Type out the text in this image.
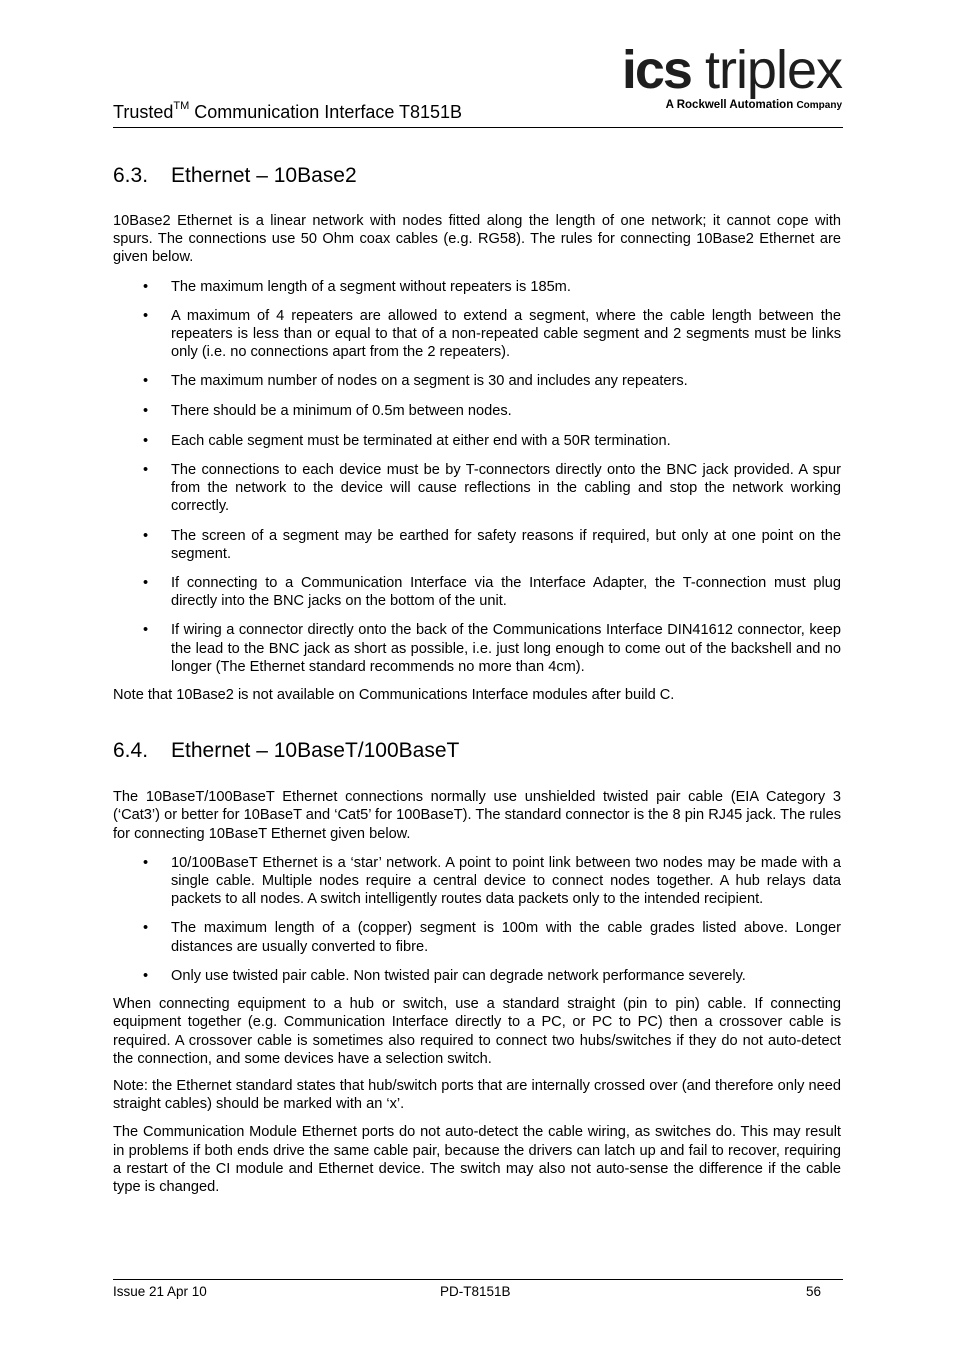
Trusted™ Communication Interface T8151B
ics triplex
A Rockwell Automation Company
6.3.	Ethernet – 10Base2

10Base2 Ethernet is a linear network with nodes fitted along the length of one network; it cannot cope with spurs. The connections use 50 Ohm coax cables (e.g. RG58). The rules for connecting 10Base2 Ethernet are given below.

• The maximum length of a segment without repeaters is 185m.
• A maximum of 4 repeaters are allowed to extend a segment, where the cable length between the repeaters is less than or equal to that of a non-repeated cable segment and 2 segments must be links only (i.e. no connections apart from the 2 repeaters).
• The maximum number of nodes on a segment is 30 and includes any repeaters.
• There should be a minimum of 0.5m between nodes.
• Each cable segment must be terminated at either end with a 50R termination.
• The connections to each device must be by T-connectors directly onto the BNC jack provided. A spur from the network to the device will cause reflections in the cabling and stop the network working correctly.
• The screen of a segment may be earthed for safety reasons if required, but only at one point on the segment.
• If connecting to a Communication Interface via the Interface Adapter, the T-connection must plug directly into the BNC jacks on the bottom of the unit.
• If wiring a connector directly onto the back of the Communications Interface DIN41612 connector, keep the lead to the BNC jack as short as possible, i.e. just long enough to come out of the backshell and no longer (The Ethernet standard recommends no more than 4cm).

Note that 10Base2 is not available on Communications Interface modules after build C.

6.4.	Ethernet – 10BaseT/100BaseT

The 10BaseT/100BaseT Ethernet connections normally use unshielded twisted pair cable (EIA Category 3 (‘Cat3’) or better for 10BaseT and ‘Cat5’ for 100BaseT). The standard connector is the 8 pin RJ45 jack. The rules for connecting 10BaseT Ethernet given below.

• 10/100BaseT Ethernet is a ‘star’ network. A point to point link between two nodes may be made with a single cable. Multiple nodes require a central device to connect nodes together. A hub relays data packets to all nodes. A switch intelligently routes data packets only to the intended recipient.
• The maximum length of a (copper) segment is 100m with the cable grades listed above. Longer distances are usually converted to fibre.
• Only use twisted pair cable. Non twisted pair can degrade network performance severely.

When connecting equipment to a hub or switch, use a standard straight (pin to pin) cable. If connecting equipment together (e.g. Communication Interface directly to a PC, or PC to PC) then a crossover cable is required. A crossover cable is sometimes also required to connect two hubs/switches if they do not auto-detect the connection, and some devices have a selection switch.

Note: the Ethernet standard states that hub/switch ports that are internally crossed over (and therefore only need straight cables) should be marked with an ‘x’.

The Communication Module Ethernet ports do not auto-detect the cable wiring, as switches do. This may result in problems if both ends drive the same cable pair, because the drivers can latch up and fail to recover, requiring a restart of the CI module and Ethernet device. The switch may also not auto-sense the difference if the cable type is changed.

Issue 21 Apr 10	PD-T8151B	56
